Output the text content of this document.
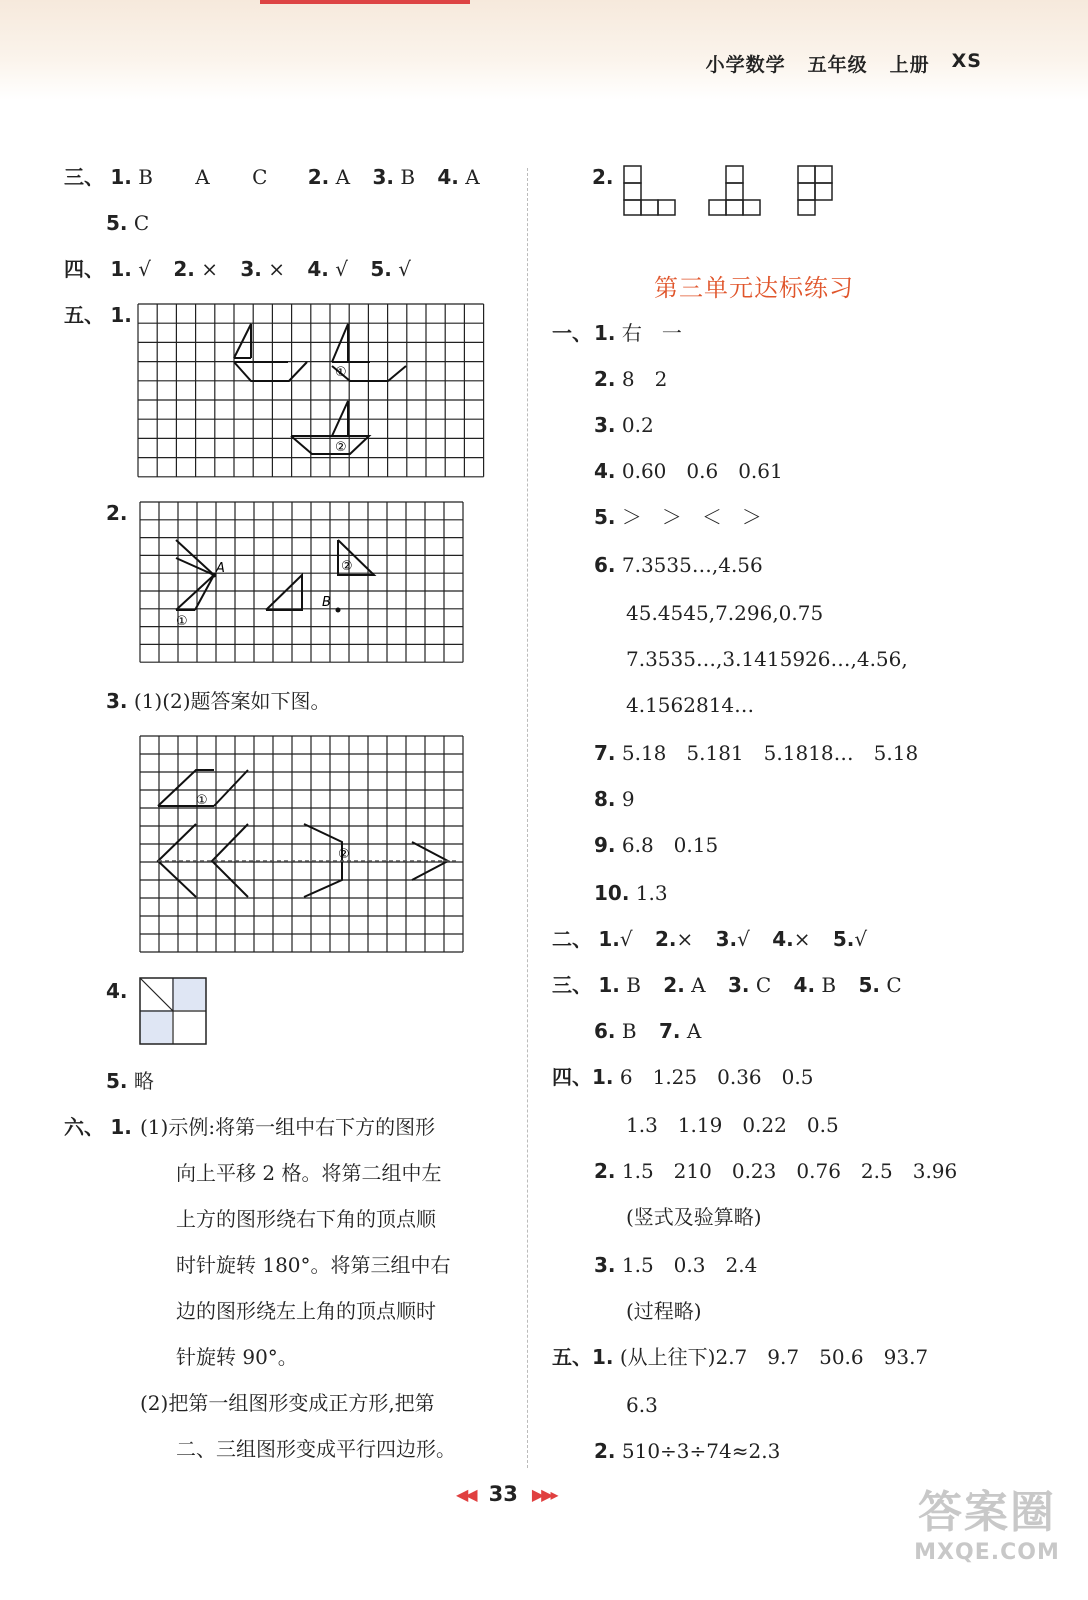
小学数学 五年级 上册 XS
三、 1. B A C 2. A 3. B 4. A
5. C
四、 1. √ 2. × 3. × 4. √ 5. √
五、 1.
①
②
2.
A
B
①
②
3. (1)(2)题答案如下图。
①
②
4.
5. 略
六、 1. (1)示例:将第一组中右下方的图形
向上平移 2 格。将第二组中左
上方的图形绕右下角的顶点顺
时针旋转 180°。将第三组中右
边的图形绕左上角的顶点顺时
针旋转 90°。
(2)把第一组图形变成正方形,把第
二、三组图形变成平行四边形。
2.
第三单元达标练习
一、 1. 右　一
2. 8　2
3. 0.2
4. 0.60　0.6　0.61
5. ＞　＞　＜　＞
6. 7.3535…,4.56
45.4545,7.296,0.75
7.3535…,3.1415926…,4.56,
4.1562814…
7. 5.18　5.181　5.1818…　5.18
8. 9
9. 6.8　0.15
10. 1.3
二、 1.√ 2.× 3.√ 4.× 5.√
三、 1. B 2. A 3. C 4. B 5. C
6. B 7. A
四、1. 6　1.25　0.36　0.5
1.3　1.19　0.22　0.5
2. 1.5　210　0.23　0.76　2.5　3.96
(竖式及验算略)
3. 1.5　0.3　2.4
(过程略)
五、1. (从上往下)2.7　9.7　50.6　93.7
6.3
2. 510÷3÷74≈2.3
◀◀ 33 ▶▶▸	答案圈
MXQE.COM
